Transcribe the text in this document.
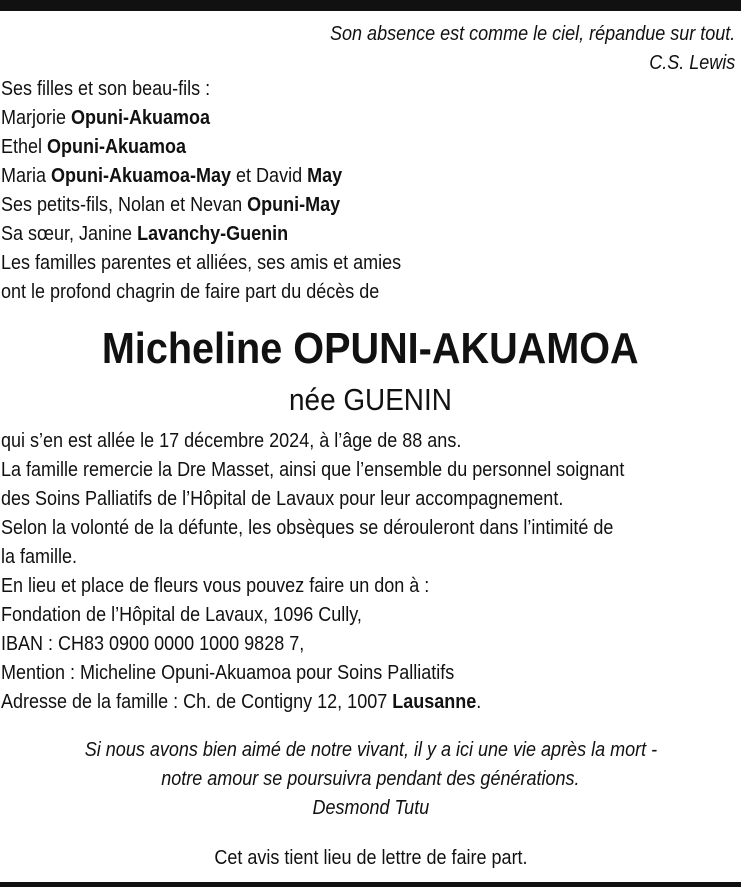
Son absence est comme le ciel, répandue sur tout.
C.S. Lewis

Ses filles et son beau-fils :

Marjorie Opuni-Akuamoa

Ethel Opuni-Akuamoa

Maria Opuni-Akuamoa-May et David May

Ses petits-fils, Nolan et Nevan Opuni-May

Sa sœur, Janine Lavanchy-Guenin

Les familles parentes et alliées, ses amis et amies

ont le profond chagrin de faire part du décès de

Micheline OPUNI-AKUAMOA
née GUENIN

qui s’en est allée le 17 décembre 2024, à l’âge de 88 ans.

La famille remercie la Dre Masset, ainsi que l’ensemble du personnel soignant

des Soins Palliatifs de l’Hôpital de Lavaux pour leur accompagnement.

Selon la volonté de la défunte, les obsèques se dérouleront dans l’intimité de

la famille.

En lieu et place de fleurs vous pouvez faire un don à :

Fondation de l’Hôpital de Lavaux, 1096 Cully,

IBAN : CH83 0900 0000 1000 9828 7,

Mention : Micheline Opuni-Akuamoa pour Soins Palliatifs

Adresse de la famille : Ch. de Contigny 12, 1007 Lausanne.

Si nous avons bien aimé de notre vivant, il y a ici une vie après la mort -
notre amour se poursuivra pendant des générations.
Desmond Tutu
Cet avis tient lieu de lettre de faire part.
